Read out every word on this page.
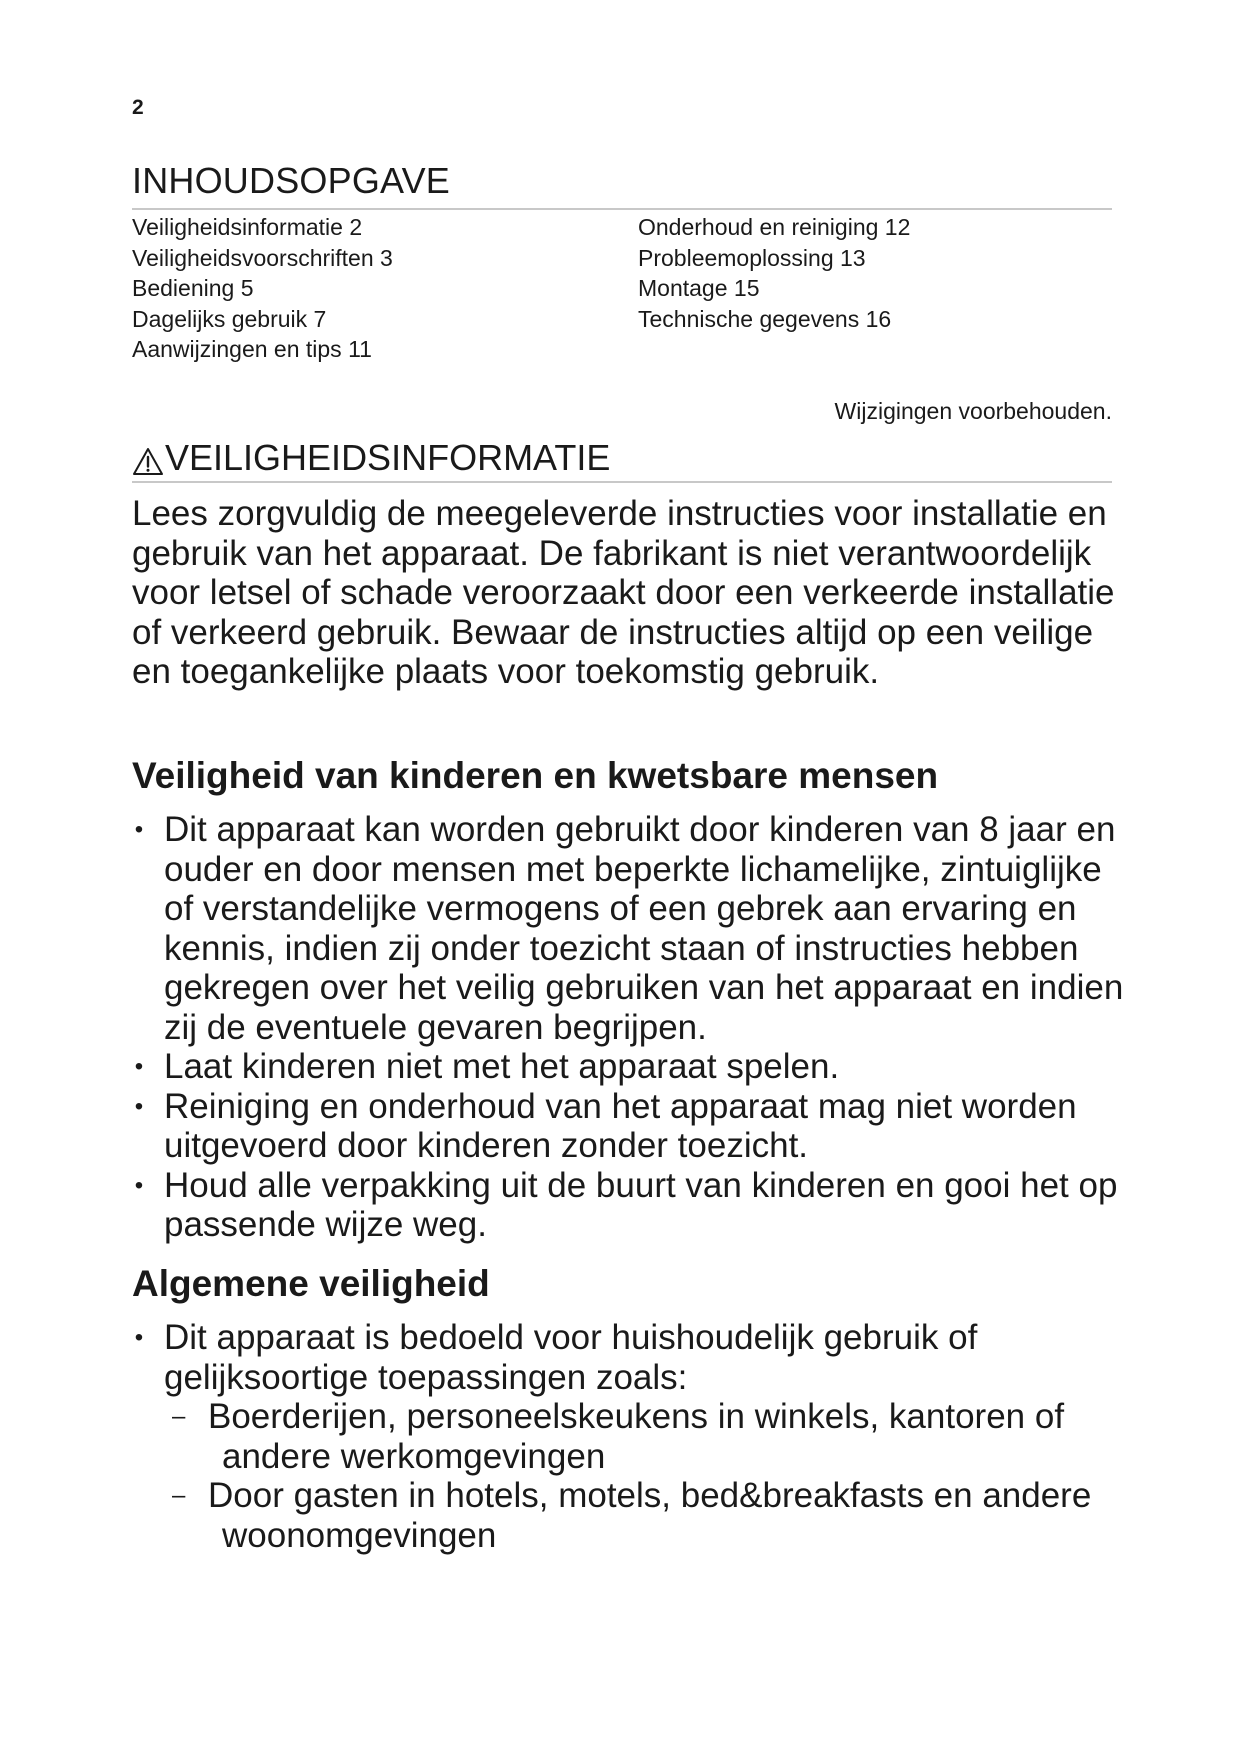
2
INHOUDSOPGAVE
Veiligheidsinformatie 2
Veiligheidsvoorschriften 3
Bediening 5
Dagelijks gebruik 7
Aanwijzingen en tips 11
Onderhoud en reiniging 12
Probleemoplossing 13
Montage 15
Technische gegevens 16
Wijzigingen voorbehouden.
VEILIGHEIDSINFORMATIE
Lees zorgvuldig de meegeleverde instructies voor installatie en gebruik van het apparaat. De fabrikant is niet verantwoordelijk voor letsel of schade veroorzaakt door een verkeerde installatie of verkeerd gebruik. Bewaar de instructies altijd op een veilige en toegankelijke plaats voor toekomstig gebruik.
Veiligheid van kinderen en kwetsbare mensen
• Dit apparaat kan worden gebruikt door kinderen van 8 jaar en ouder en door mensen met beperkte lichamelijke, zintuiglijke of verstandelijke vermogens of een gebrek aan ervaring en kennis, indien zij onder toezicht staan of instructies hebben gekregen over het veilig gebruiken van het apparaat en indien zij de eventuele gevaren begrijpen.
• Laat kinderen niet met het apparaat spelen.
• Reiniging en onderhoud van het apparaat mag niet worden uitgevoerd door kinderen zonder toezicht.
• Houd alle verpakking uit de buurt van kinderen en gooi het op passende wijze weg.
Algemene veiligheid
• Dit apparaat is bedoeld voor huishoudelijk gebruik of gelijksoortige toepassingen zoals:
– Boerderijen, personeelskeukens in winkels, kantoren of andere werkomgevingen
– Door gasten in hotels, motels, bed&breakfasts en andere woonomgevingen
